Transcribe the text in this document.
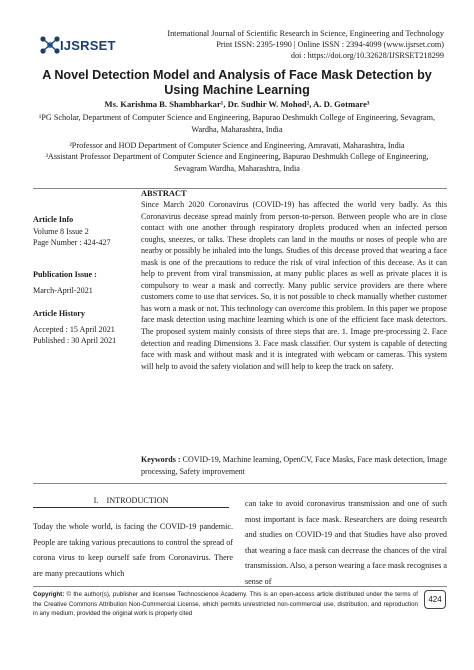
IJSRSET
International Journal of Scientific Research in Science, Engineering and Technology
Print ISSN: 2395-1990 | Online ISSN : 2394-4099 (www.ijsrset.com)
doi : https://doi.org/10.32628/IJSRSET218299
A Novel Detection Model and Analysis of Face Mask Detection by Using Machine Learning
Ms. Karishma B. Shambharkar¹, Dr. Sudhir W. Mohod², A. D. Gotmare³
¹PG Scholar, Department of Computer Science and Engineering, Bapurao Deshmukh College of Engineering, Sevagram, Wardha, Maharashtra, India
²Professor and HOD Department of Computer Science and Engineering, Amravati, Maharashtra, India
³Assistant Professor Department of Computer Science and Engineering, Bapurao Deshmukh College of Engineering, Sevagram Wardha, Maharashtra, India
Article Info
Volume 8 Issue 2
Page Number : 424-427
Publication Issue :
March-April-2021
Article History
Accepted : 15 April 2021
Published : 30 April 2021
ABSTRACT
Since March 2020 Coronavirus (COVID-19) has affected the world very badly. As this Coronavirus decease spread mainly from person-to-person. Between people who are in close contact with one another through respiratory droplets produced when an infected person coughs, sneezes, or talks. These droplets can land in the mouths or noses of people who are nearby or possibly be inhaled into the lungs. Studies of this decease proved that wearing a face mask is one of the precautions to reduce the risk of viral infection of this decease. As it can help to prevent from viral transmission, at many public places as well as private places it is compulsory to wear a mask and correctly. Many public service providers are there where customers come to use that services. So, it is not possible to check manually whether customer has worn a mask or not. This technology can overcome this problem. In this paper we propose face mask detection using machine learning which is one of the efficient face mask detectors. The proposed system mainly consists of three steps that are. 1. Image pre-processing 2. Face detection and reading Dimensions 3. Face mask classifier. Our system is capable of detecting face with mask and without mask and it is integrated with webcam or cameras. This system will help to avoid the safety violation and will help to keep the track on safety.
Keywords : COVID-19, Machine learning, OpenCV, Face Masks, Face mask detection, Image processing, Safety improvement
I.    INTRODUCTION
Today the whole world, is facing the COVID-19 pandemic. People are taking various precautions to control the spread of corona virus to keep ourself safe from Coronavirus. There are many precautions which
can take to avoid coronavirus transmission and one of such most important is face mask. Researchers are doing research and studies on COVID-19 and that Studies have also proved that wearing a face mask can decrease the chances of the viral transmission. Also, a person wearing a face mask recognises a sense of
Copyright: © the author(s), publisher and licensee Technoscience Academy. This is an open-access article distributed under the terms of the Creative Commons Attribution Non-Commercial License, which permits unrestricted non-commercial use, distribution, and reproduction in any medium, provided the original work is properly cited
424
